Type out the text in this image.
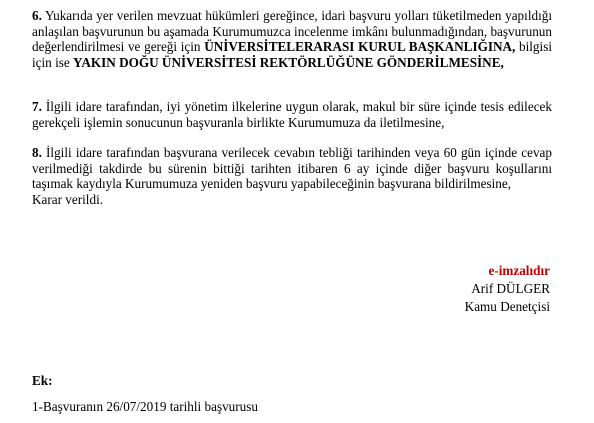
6. Yukarıda yer verilen mevzuat hükümleri gereğince, idari başvuru yolları tüketilmeden yapıldığı anlaşılan başvurunun bu aşamada Kurumumuzca incelenme imkânı bulunmadığından, başvurunun değerlendirilmesi ve gereği için ÜNİVERSİTELERARASI KURUL BAŞKANLIĞINA, bilgisi için ise YAKIN DOĞU ÜNİVERSİTESİ REKTÖRLÜĞÜNE GÖNDERİLMESİNE,
7. İlgili idare tarafından, iyi yönetim ilkelerine uygun olarak, makul bir süre içinde tesis edilecek gerekçeli işlemin sonucunun başvuranla birlikte Kurumumuza da iletilmesine,
8. İlgili idare tarafından başvurana verilecek cevabın tebliği tarihinden veya 60 gün içinde cevap verilmediği takdirde bu sürenin bittiği tarihten itibaren 6 ay içinde diğer başvuru koşullarını taşımak kaydıyla Kurumumuza yeniden başvuru yapabileceğinin başvurana bildirilmesine,
Karar verildi.
e-imzalıdır
Arif DÜLGER
Kamu Denetçisi
Ek:
1-Başvuranın 26/07/2019 tarihli başvurusu
